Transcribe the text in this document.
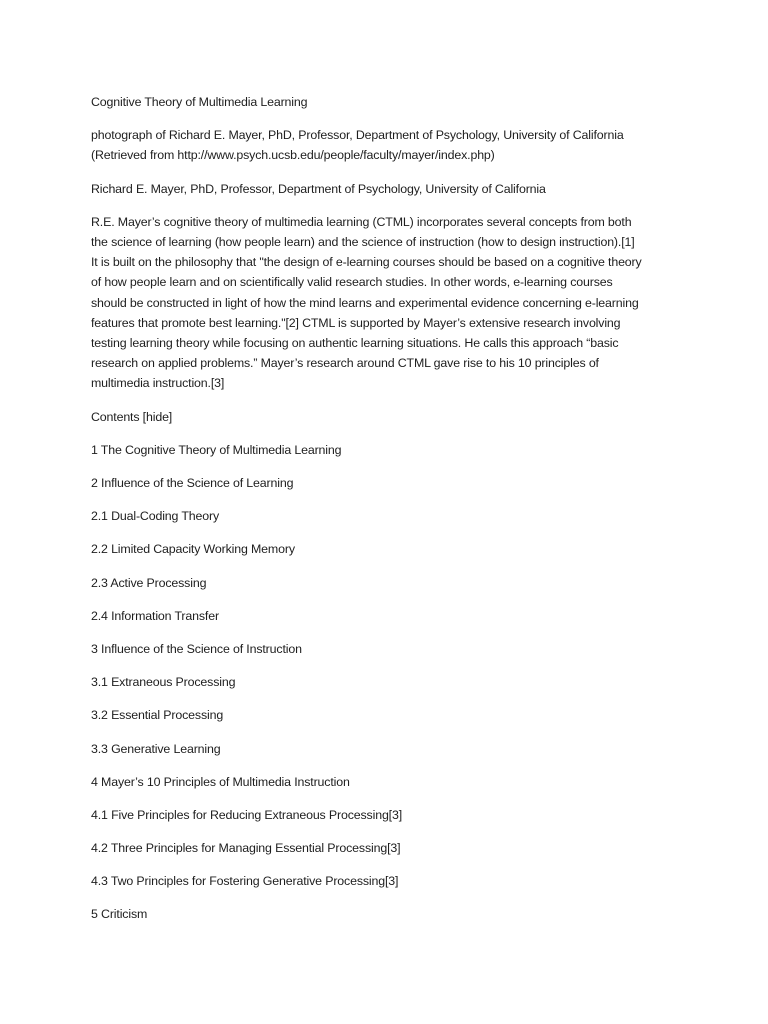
Cognitive Theory of Multimedia Learning

photograph of Richard E. Mayer, PhD, Professor, Department of Psychology, University of California
(Retrieved from http://www.psych.ucsb.edu/people/faculty/mayer/index.php)

Richard E. Mayer, PhD, Professor, Department of Psychology, University of California

R.E. Mayer’s cognitive theory of multimedia learning (CTML) incorporates several concepts from both
the science of learning (how people learn) and the science of instruction (how to design instruction).[1]
It is built on the philosophy that "the design of e-learning courses should be based on a cognitive theory
of how people learn and on scientifically valid research studies. In other words, e-learning courses
should be constructed in light of how the mind learns and experimental evidence concerning e-learning
features that promote best learning."[2] CTML is supported by Mayer’s extensive research involving
testing learning theory while focusing on authentic learning situations. He calls this approach “basic
research on applied problems.” Mayer’s research around CTML gave rise to his 10 principles of
multimedia instruction.[3]

Contents [hide]
1 The Cognitive Theory of Multimedia Learning
2 Influence of the Science of Learning
2.1 Dual-Coding Theory
2.2 Limited Capacity Working Memory
2.3 Active Processing
2.4 Information Transfer
3 Influence of the Science of Instruction
3.1 Extraneous Processing
3.2 Essential Processing
3.3 Generative Learning
4 Mayer’s 10 Principles of Multimedia Instruction
4.1 Five Principles for Reducing Extraneous Processing[3]
4.2 Three Principles for Managing Essential Processing[3]
4.3 Two Principles for Fostering Generative Processing[3]
5 Criticism
